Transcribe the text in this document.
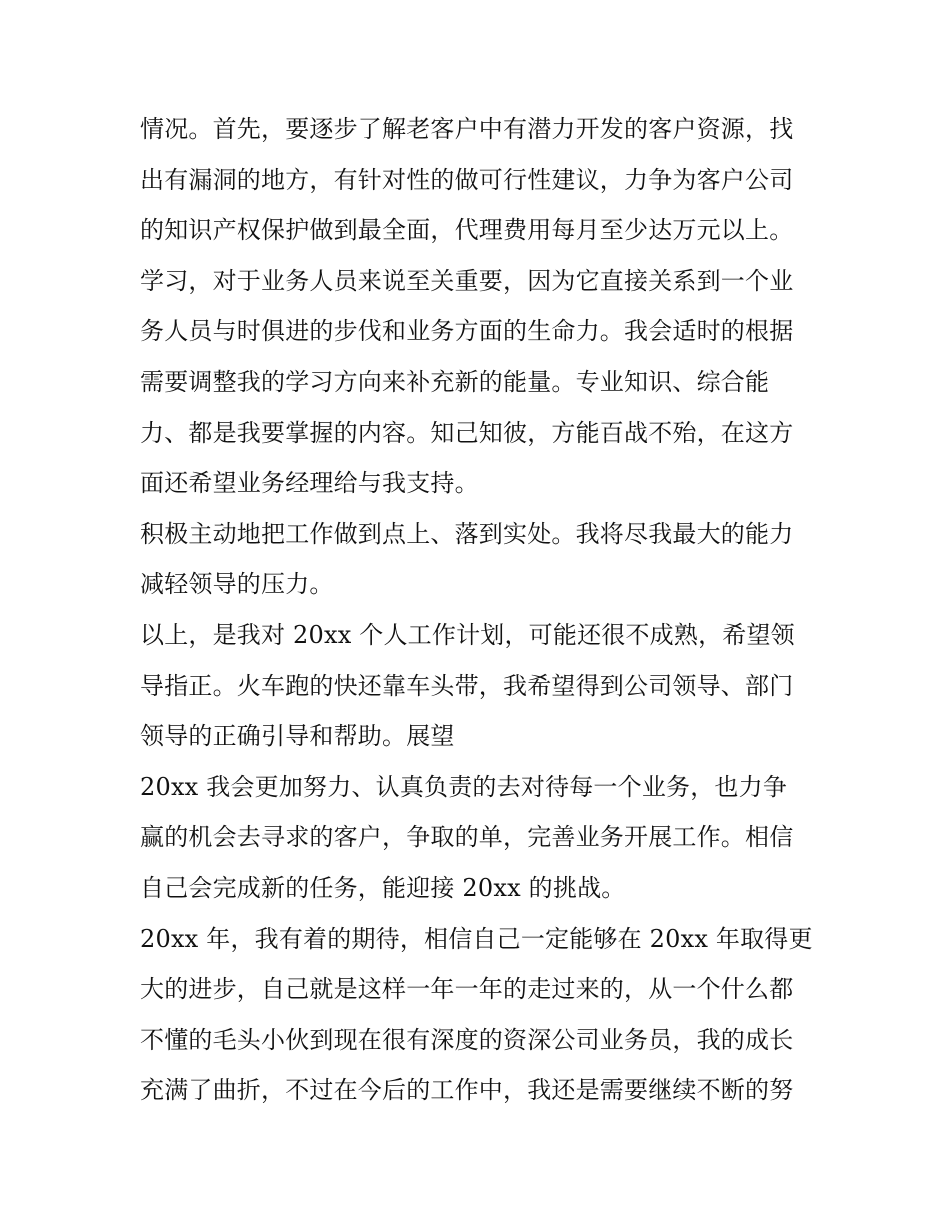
情况。首先，要逐步了解老客户中有潜力开发的客户资源，找
出有漏洞的地方，有针对性的做可行性建议，力争为客户公司
的知识产权保护做到最全面，代理费用每月至少达万元以上。
学习，对于业务人员来说至关重要，因为它直接关系到一个业
务人员与时俱进的步伐和业务方面的生命力。我会适时的根据
需要调整我的学习方向来补充新的能量。专业知识、综合能
力、都是我要掌握的内容。知己知彼，方能百战不殆，在这方
面还希望业务经理给与我支持。
积极主动地把工作做到点上、落到实处。我将尽我最大的能力
减轻领导的压力。
以上，是我对 20xx 个人工作计划，可能还很不成熟，希望领
导指正。火车跑的快还靠车头带，我希望得到公司领导、部门
领导的正确引导和帮助。展望
20xx 我会更加努力、认真负责的去对待每一个业务，也力争
赢的机会去寻求的客户，争取的单，完善业务开展工作。相信
自己会完成新的任务，能迎接 20xx 的挑战。
20xx 年，我有着的期待，相信自己一定能够在 20xx 年取得更
大的进步，自己就是这样一年一年的走过来的，从一个什么都
不懂的毛头小伙到现在很有深度的资深公司业务员，我的成长
充满了曲折，不过在今后的工作中，我还是需要继续不断的努
